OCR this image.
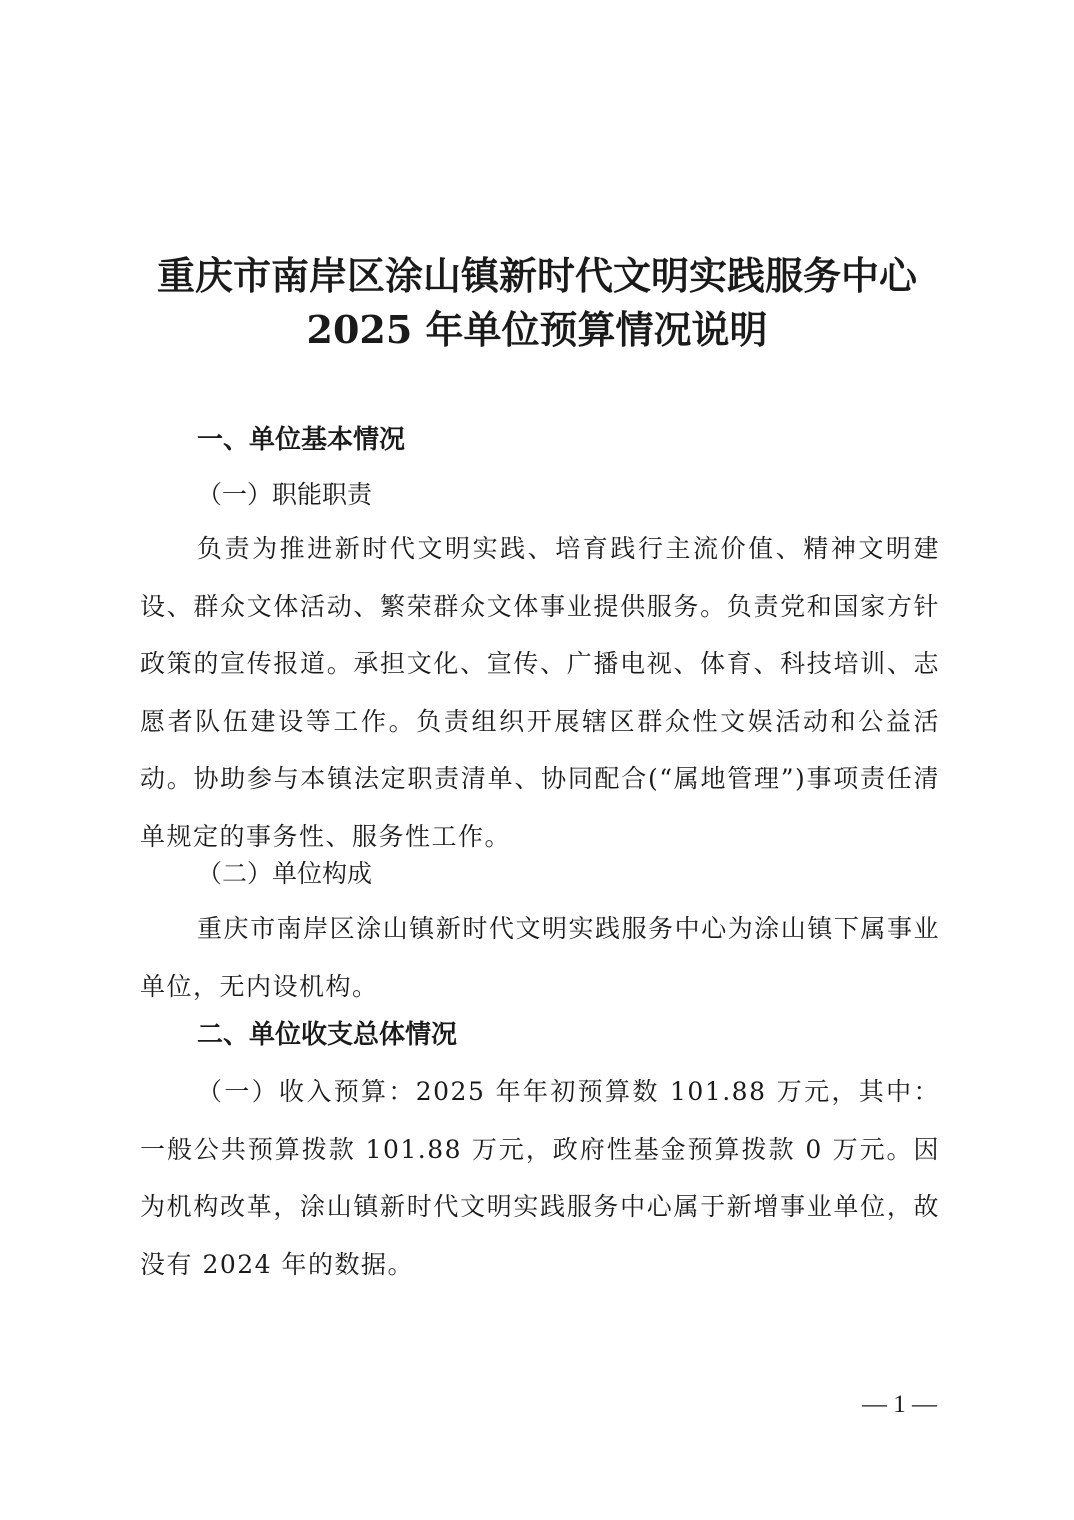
重庆市南岸区涂山镇新时代文明实践服务中心
2025 年单位预算情况说明
一、单位基本情况
（一）职能职责
负责为推进新时代文明实践、培育践行主流价值、精神文明建设、群众文体活动、繁荣群众文体事业提供服务。负责党和国家方针政策的宣传报道。承担文化、宣传、广播电视、体育、科技培训、志愿者队伍建设等工作。负责组织开展辖区群众性文娱活动和公益活动。协助参与本镇法定职责清单、协同配合(“属地管理”)事项责任清单规定的事务性、服务性工作。
（二）单位构成
重庆市南岸区涂山镇新时代文明实践服务中心为涂山镇下属事业单位，无内设机构。
二、单位收支总体情况
（一）收入预算：2025 年年初预算数 101.88 万元，其中：一般公共预算拨款 101.88 万元，政府性基金预算拨款 0 万元。因为机构改革，涂山镇新时代文明实践服务中心属于新增事业单位，故没有 2024 年的数据。
— 1 —
